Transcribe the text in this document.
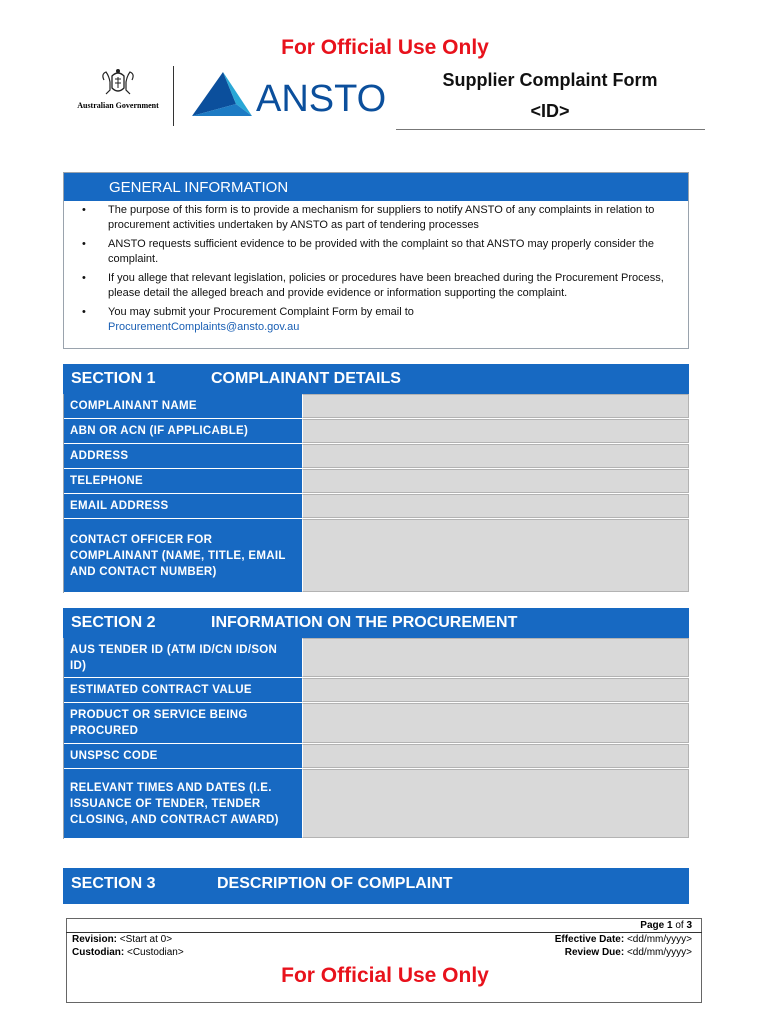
For Official Use Only
Australian Government	ANSTO	Supplier Complaint Form
<ID>
GENERAL INFORMATION
• The purpose of this form is to provide a mechanism for suppliers to notify ANSTO of any complaints in relation to procurement activities undertaken by ANSTO as part of tendering processes
• ANSTO requests sufficient evidence to be provided with the complaint so that ANSTO may properly consider the complaint.
• If you allege that relevant legislation, policies or procedures have been breached during the Procurement Process, please detail the alleged breach and provide evidence or information supporting the complaint.
• You may submit your Procurement Complaint Form by email to
ProcurementComplaints@ansto.gov.au
SECTION 1	COMPLAINANT DETAILS
COMPLAINANT NAME
ABN OR ACN (IF APPLICABLE)
ADDRESS
TELEPHONE
EMAIL ADDRESS
CONTACT OFFICER FOR COMPLAINANT (NAME, TITLE, EMAIL AND CONTACT NUMBER)
SECTION 2	INFORMATION ON THE PROCUREMENT
AUS TENDER ID (ATM ID/CN ID/SON ID)
ESTIMATED CONTRACT VALUE
PRODUCT OR SERVICE BEING PROCURED
UNSPSC CODE
RELEVANT TIMES AND DATES (I.E. ISSUANCE OF TENDER, TENDER CLOSING, AND CONTRACT AWARD)
SECTION 3	DESCRIPTION OF COMPLAINT
Page 1 of 3
Revision: <Start at 0>
Custodian: <Custodian>
Effective Date: <dd/mm/yyyy>
Review Due: <dd/mm/yyyy>
For Official Use Only
